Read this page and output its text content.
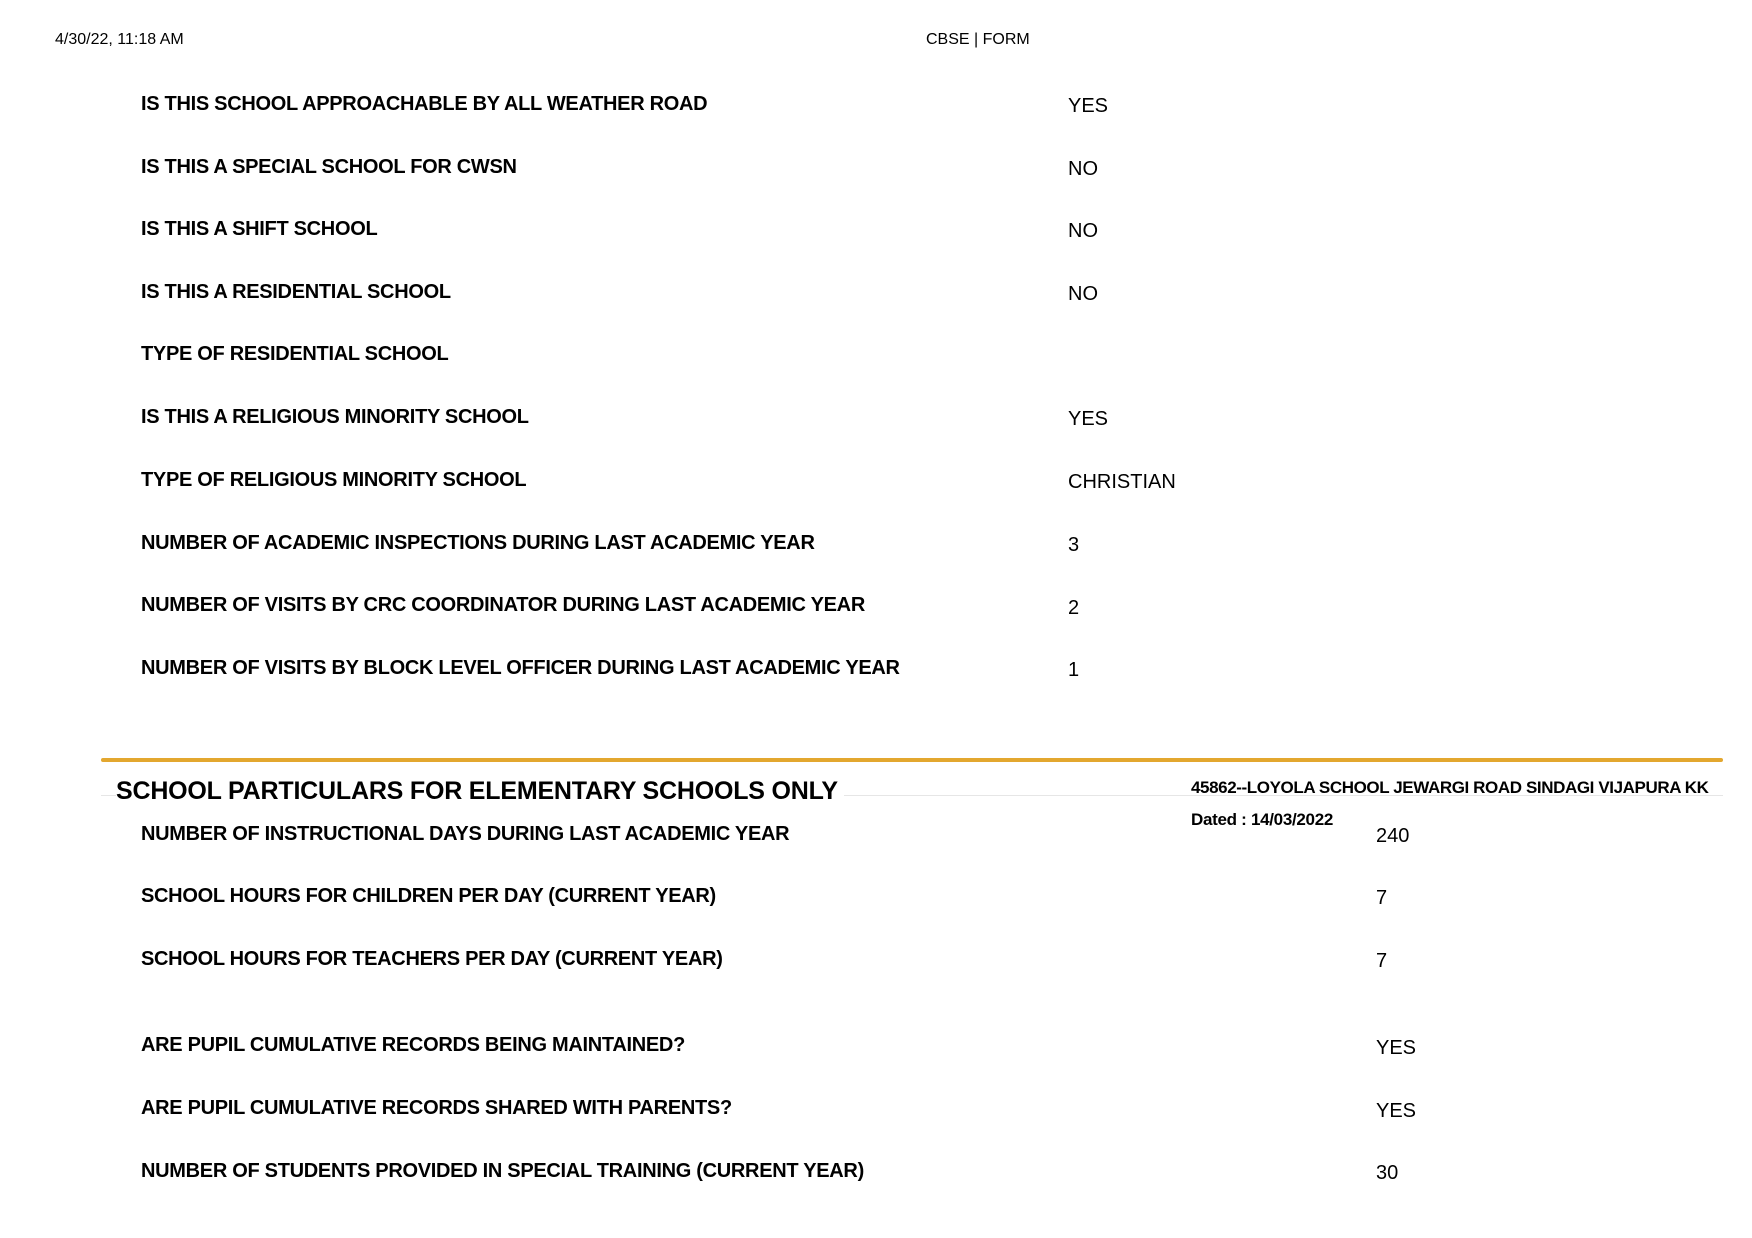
4/30/22, 11:18 AM	CBSE | FORM
IS THIS SCHOOL APPROACHABLE BY ALL WEATHER ROAD	YES
IS THIS A SPECIAL SCHOOL FOR CWSN	NO
IS THIS A SHIFT SCHOOL	NO
IS THIS A RESIDENTIAL SCHOOL	NO
TYPE OF RESIDENTIAL SCHOOL
IS THIS A RELIGIOUS MINORITY SCHOOL	YES
TYPE OF RELIGIOUS MINORITY SCHOOL	CHRISTIAN
NUMBER OF ACADEMIC INSPECTIONS DURING LAST ACADEMIC YEAR	3
NUMBER OF VISITS BY CRC COORDINATOR DURING LAST ACADEMIC YEAR	2
NUMBER OF VISITS BY BLOCK LEVEL OFFICER DURING LAST ACADEMIC YEAR	1
SCHOOL PARTICULARS FOR ELEMENTARY SCHOOLS ONLY	45862--LOYOLA SCHOOL JEWARGI ROAD SINDAGI VIJAPURA KK
Dated : 14/03/2022
NUMBER OF INSTRUCTIONAL DAYS DURING LAST ACADEMIC YEAR	240
SCHOOL HOURS FOR CHILDREN PER DAY (CURRENT YEAR)	7
SCHOOL HOURS FOR TEACHERS PER DAY (CURRENT YEAR)	7
ARE PUPIL CUMULATIVE RECORDS BEING MAINTAINED?	YES
ARE PUPIL CUMULATIVE RECORDS SHARED WITH PARENTS?	YES
NUMBER OF STUDENTS PROVIDED IN SPECIAL TRAINING (CURRENT YEAR)	30
